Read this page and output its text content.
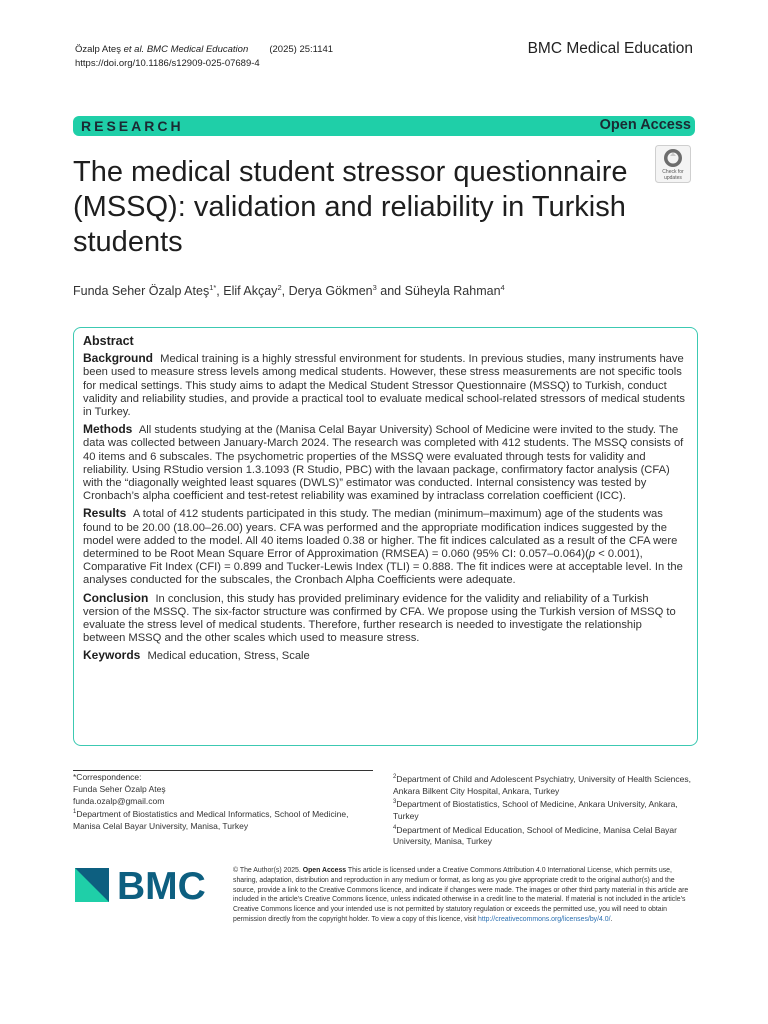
Özalp Ateş et al. BMC Medical Education (2025) 25:1141
https://doi.org/10.1186/s12909-025-07689-4
BMC Medical Education
RESEARCH	Open Access
The medical student stressor questionnaire (MSSQ): validation and reliability in Turkish students
Check for
updates
Funda Seher Özalp Ateş$^{1*}$, Elif Akçay$^2$, Derya Gökmen$^3$ and Süheyla Rahman$^4$
Abstract

Background Medical training is a highly stressful environment for students. In previous studies, many instruments have been used to measure stress levels among medical students. However, these stress measurements are not specific tools for medical settings. This study aims to adapt the Medical Student Stressor Questionnaire (MSSQ) to Turkish, conduct validity and reliability studies, and provide a practical tool to evaluate medical school-related stressors of medical students in Turkey.

Methods All students studying at the (Manisa Celal Bayar University) School of Medicine were invited to the study. The data was collected between January-March 2024. The research was completed with 412 students. The MSSQ consists of 40 items and 6 subscales. The psychometric properties of the MSSQ were evaluated through tests for validity and reliability. Using RStudio version 1.3.1093 (R Studio, PBC) with the lavaan package, confirmatory factor analysis (CFA) with the “diagonally weighted least squares (DWLS)” estimator was conducted. Internal consistency was tested by Cronbach’s alpha coefficient and test-retest reliability was examined by intraclass correlation coefficient (ICC).

Results A total of 412 students participated in this study. The median (minimum–maximum) age of the students was found to be 20.00 (18.00–26.00) years. CFA was performed and the appropriate modification indices suggested by the model were added to the model. All 40 items loaded 0.38 or higher. The fit indices calculated as a result of the CFA were determined to be Root Mean Square Error of Approximation (RMSEA) = 0.060 (95% CI: 0.057–0.064)(p < 0.001), Comparative Fit Index (CFI) = 0.899 and Tucker-Lewis Index (TLI) = 0.888. The fit indices were at acceptable level. In the analyses conducted for the subscales, the Cronbach Alpha Coefficients were adequate.

Conclusion In conclusion, this study has provided preliminary evidence for the validity and reliability of a Turkish version of the MSSQ. The six-factor structure was confirmed by CFA. We propose using the Turkish version of MSSQ to evaluate the stress level of medical students. Therefore, further research is needed to investigate the relationship between MSSQ and the other scales which used to measure stress.

Keywords Medical education, Stress, Scale

*Correspondence:
Funda Seher Özalp Ateş
funda.ozalp@gmail.com
$^1$Department of Biostatistics and Medical Informatics, School of Medicine, Manisa Celal Bayar University, Manisa, Turkey
$^2$Department of Child and Adolescent Psychiatry, University of Health Sciences, Ankara Bilkent City Hospital, Ankara, Turkey
$^3$Department of Biostatistics, School of Medicine, Ankara University, Ankara, Turkey
$^4$Department of Medical Education, School of Medicine, Manisa Celal Bayar University, Manisa, Turkey
BMC	© The Author(s) 2025. Open Access This article is licensed under a Creative Commons Attribution 4.0 International License, which permits use, sharing, adaptation, distribution and reproduction in any medium or format, as long as you give appropriate credit to the original author(s) and the source, provide a link to the Creative Commons licence, and indicate if changes were made. The images or other third party material in this article are included in the article’s Creative Commons licence, unless indicated otherwise in a credit line to the material. If material is not included in the article’s Creative Commons licence and your intended use is not permitted by statutory regulation or exceeds the permitted use, you will need to obtain permission directly from the copyright holder. To view a copy of this licence, visit http://creativecommons.org/licenses/by/4.0/.
